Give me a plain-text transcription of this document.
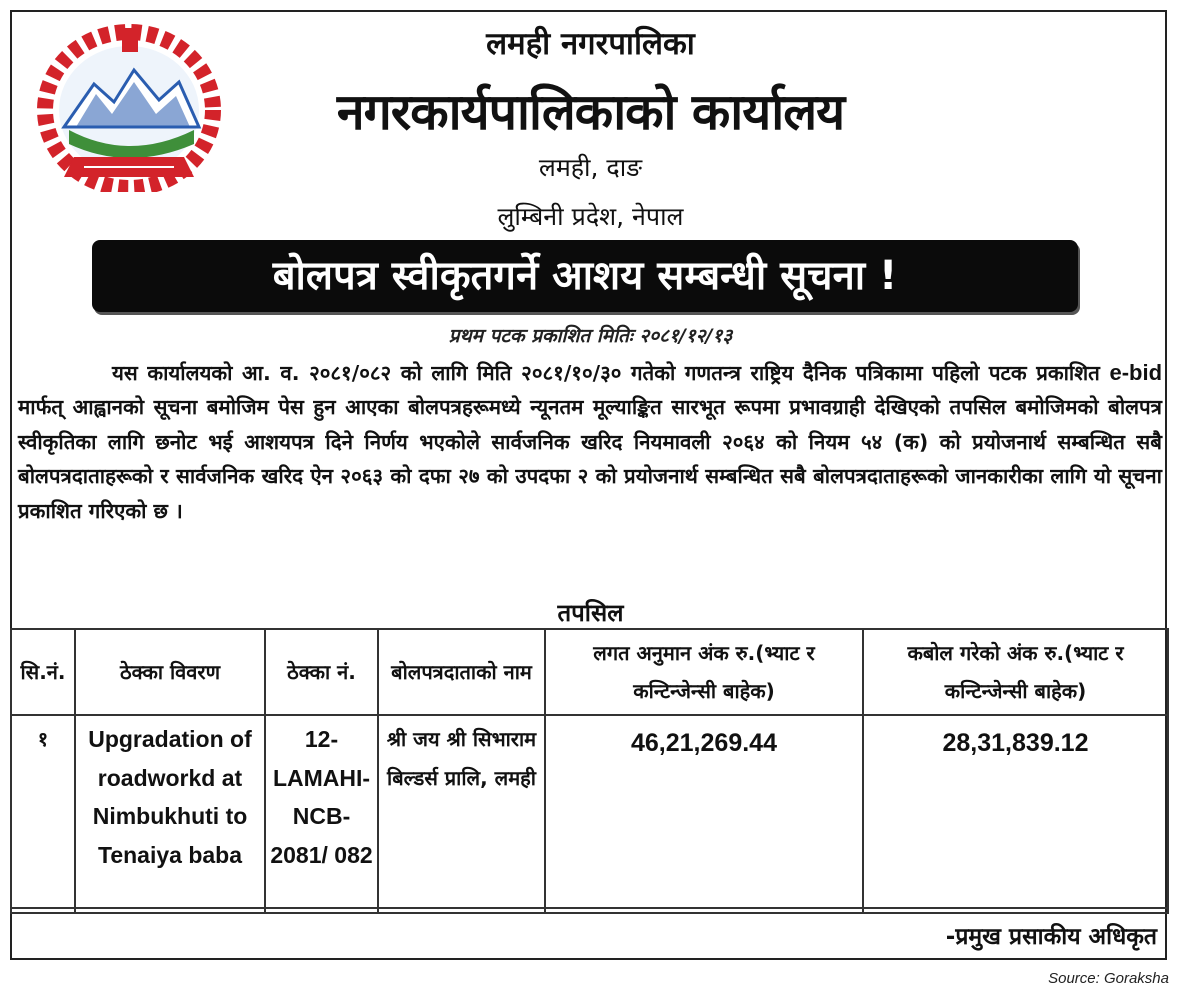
लमही नगरपालिका
नगरकार्यपालिकाको कार्यालय
लमही, दाङ
लुम्बिनी प्रदेश, नेपाल
बोलपत्र स्वीकृतगर्ने आशय सम्बन्धी सूचना !
प्रथम पटक प्रकाशित मितिः २०८१/१२/१३

यस कार्यालयको आ. व. २०८१/०८२ को लागि मिति २०८१/१०/३० गतेको गणतन्त्र राष्ट्रिय दैनिक पत्रिकामा पहिलो पटक प्रकाशित e-bid मार्फत् आह्वानको सूचना बमोजिम पेस हुन आएका बोलपत्रहरूमध्ये न्यूनतम मूल्याङ्कित सारभूत रूपमा प्रभावग्राही देखिएको तपसिल बमोजिमको बोलपत्र स्वीकृतिका लागि छनोट भई आशयपत्र दिने निर्णय भएकोले सार्वजनिक खरिद नियमावली २०६४ को नियम ५४ (क) को प्रयोजनार्थ सम्बन्धित सबै बोलपत्रदाताहरूको र सार्वजनिक खरिद ऐन २०६३ को दफा २७ को उपदफा २ को प्रयोजनार्थ सम्बन्धित सबै बोलपत्रदाताहरूको जानकारीका लागि यो सूचना प्रकाशित गरिएको छ ।

तपसिल
सि.नं.	ठेक्का विवरण	ठेक्का नं.	बोलपत्रदाताको नाम	लगत अनुमान अंक रु.(भ्याट र कन्टिन्जेन्सी बाहेक)	कबोल गरेको अंक रु.(भ्याट र कन्टिन्जेन्सी बाहेक)
१	Upgradation of roadworkd at Nimbukhuti to Tenaiya baba	12-LAMAHI-NCB-2081/ 082	श्री जय श्री सिभाराम बिल्डर्स प्रालि, लमही	46,21,269.44	28,31,839.12
-प्रमुख प्रसाकीय अधिकृत
Source: Goraksha
